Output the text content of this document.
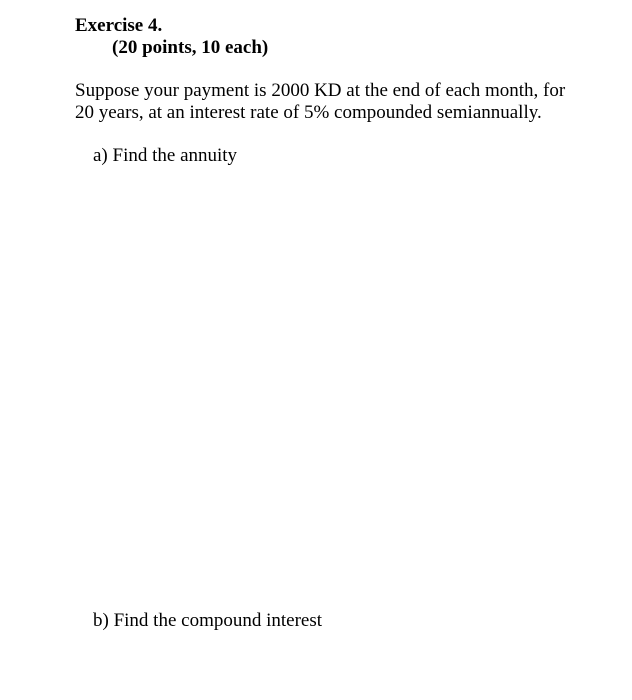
Exercise 4.
(20 points, 10 each)
Suppose your payment is 2000 KD at the end of each month, for
20 years, at an interest rate of 5% compounded semiannually.
a) Find the annuity
b) Find the compound interest
